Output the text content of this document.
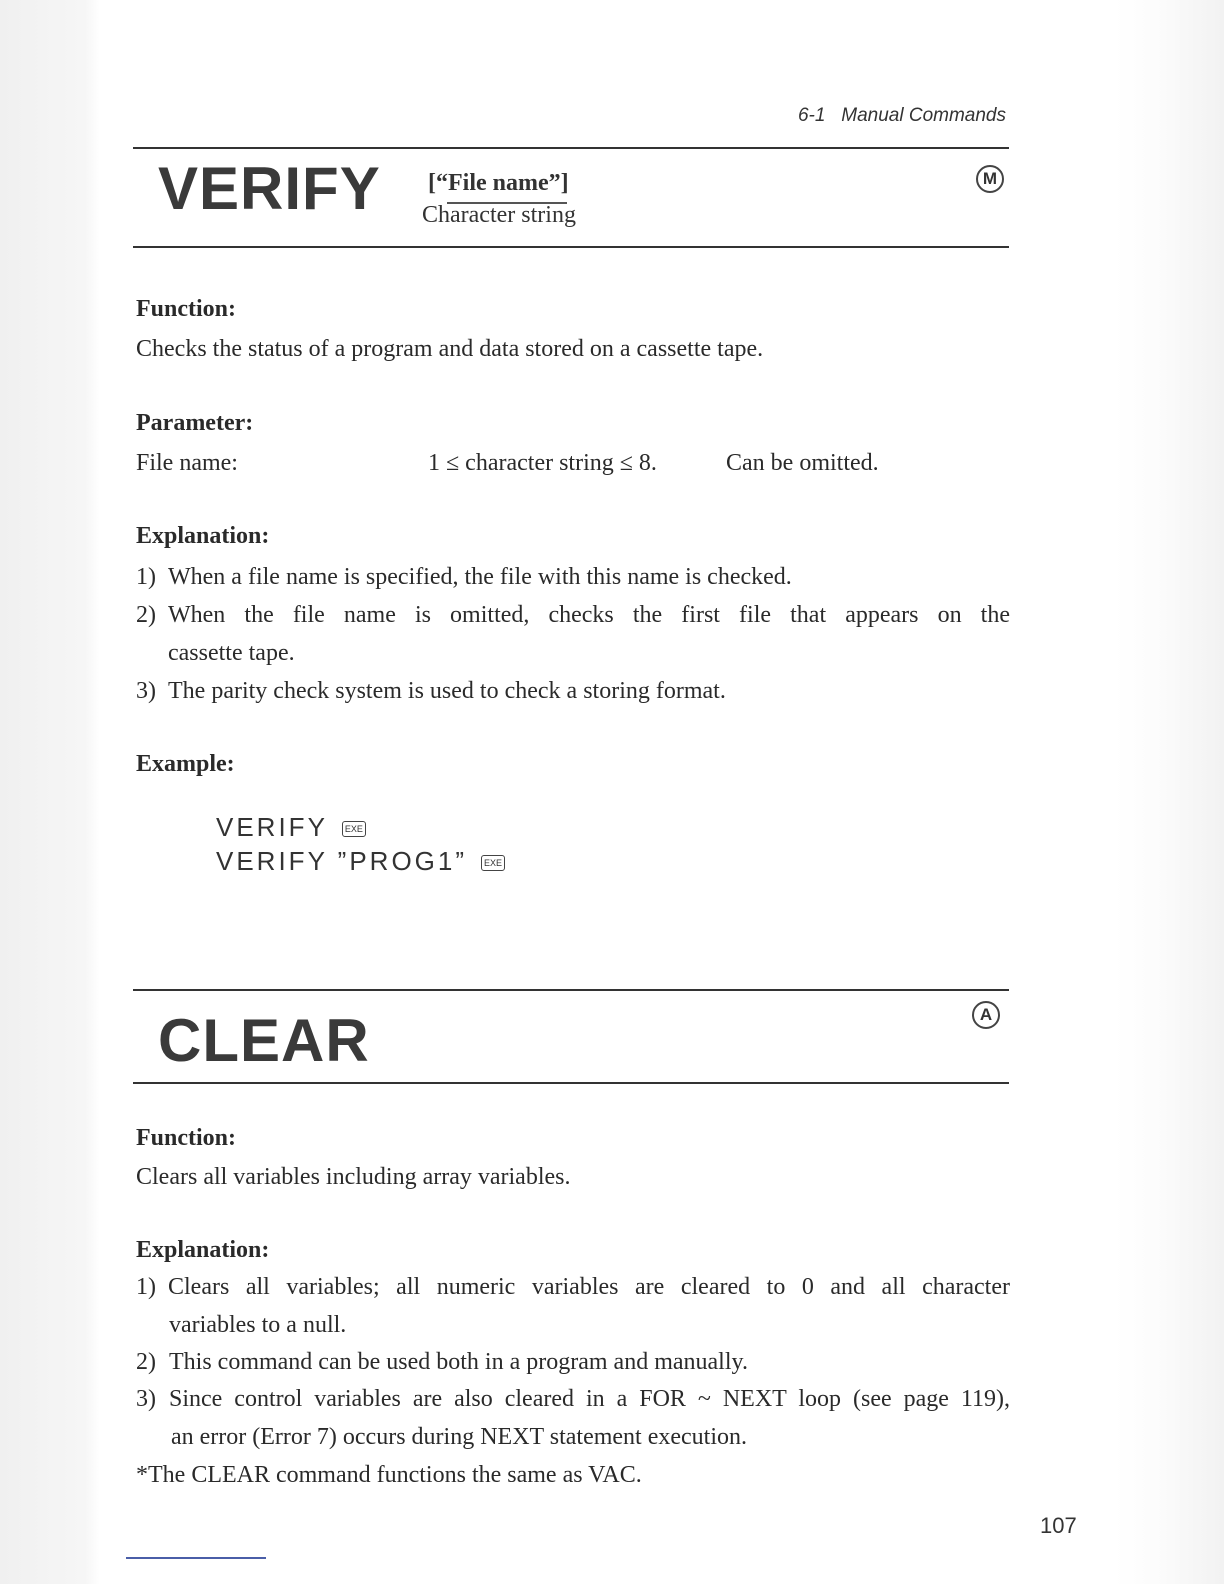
6-1 Manual Commands
VERIFY [“File name”]
Character string
M
Function:
Checks the status of a program and data stored on a cassette tape.
Parameter:
File name:	1 ≤ character string ≤ 8.	Can be omitted.
Explanation:
1) When a file name is specified, the file with this name is checked.
2) When the file name is omitted, checks the first file that appears on the
cassette tape.
3) The parity check system is used to check a storing format.
Example:
VERIFY EXE
VERIFY ”PROG1” EXE
CLEAR	A
Function:
Clears all variables including array variables.
Explanation:
1) Clears all variables; all numeric variables are cleared to 0 and all character
variables to a null.
2) This command can be used both in a program and manually.
3) Since control variables are also cleared in a FOR ~ NEXT loop (see page 119),
an error (Error 7) occurs during NEXT statement execution.
*The CLEAR command functions the same as VAC.
107
